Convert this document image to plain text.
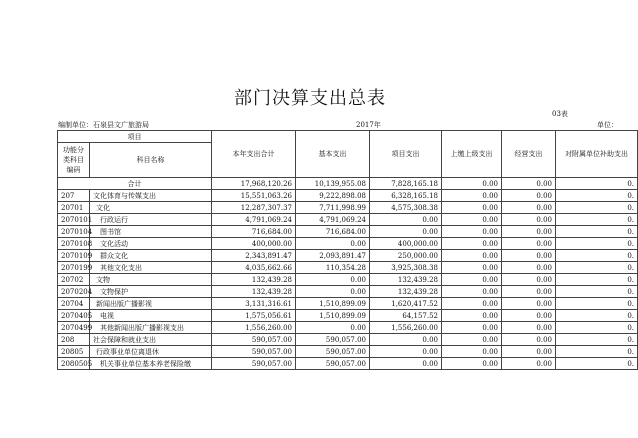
部门决算支出总表
03表
编制单位：石泉县文广旅游局	2017年	单位：
项目		本年支出合计	基本支出	项目支出	上缴上级支出	经营支出	对附属单位补助支出
功能分类科目编码	科目名称						
合计		17,968,120.26	10,139,955.08	7,828,165.18	0.00	0.00	0.
207	文化体育与传媒支出	15,551,063.26	9,222,898.08	6,328,165.18	0.00	0.00	0.
20701	文化	12,287,307.37	7,711,998.99	4,575,308.38	0.00	0.00	0.
2070101	行政运行	4,791,069.24	4,791,069.24	0.00	0.00	0.00	0.
2070104	图书馆	716,684.00	716,684.00	0.00	0.00	0.00	0.
2070108	文化活动	400,000.00	0.00	400,000.00	0.00	0.00	0.
2070109	群众文化	2,343,891.47	2,093,891.47	250,000.00	0.00	0.00	0.
2070199	其他文化支出	4,035,662.66	110,354.28	3,925,308.38	0.00	0.00	0.
20702	文物	132,439.28	0.00	132,439.28	0.00	0.00	0.
2070204	文物保护	132,439.28	0.00	132,439.28	0.00	0.00	0.
20704	新闻出版广播影视	3,131,316.61	1,510,899.09	1,620,417.52	0.00	0.00	0.
2070405	电视	1,575,056.61	1,510,899.09	64,157.52	0.00	0.00	0.
2070499	其他新闻出版广播影视支出	1,556,260.00	0.00	1,556,260.00	0.00	0.00	0.
208	社会保障和就业支出	590,057.00	590,057.00	0.00	0.00	0.00	0.
20805	行政事业单位离退休	590,057.00	590,057.00	0.00	0.00	0.00	0.
2080505	机关事业单位基本养老保险缴	590,057.00	590,057.00	0.00	0.00	0.00	0.
